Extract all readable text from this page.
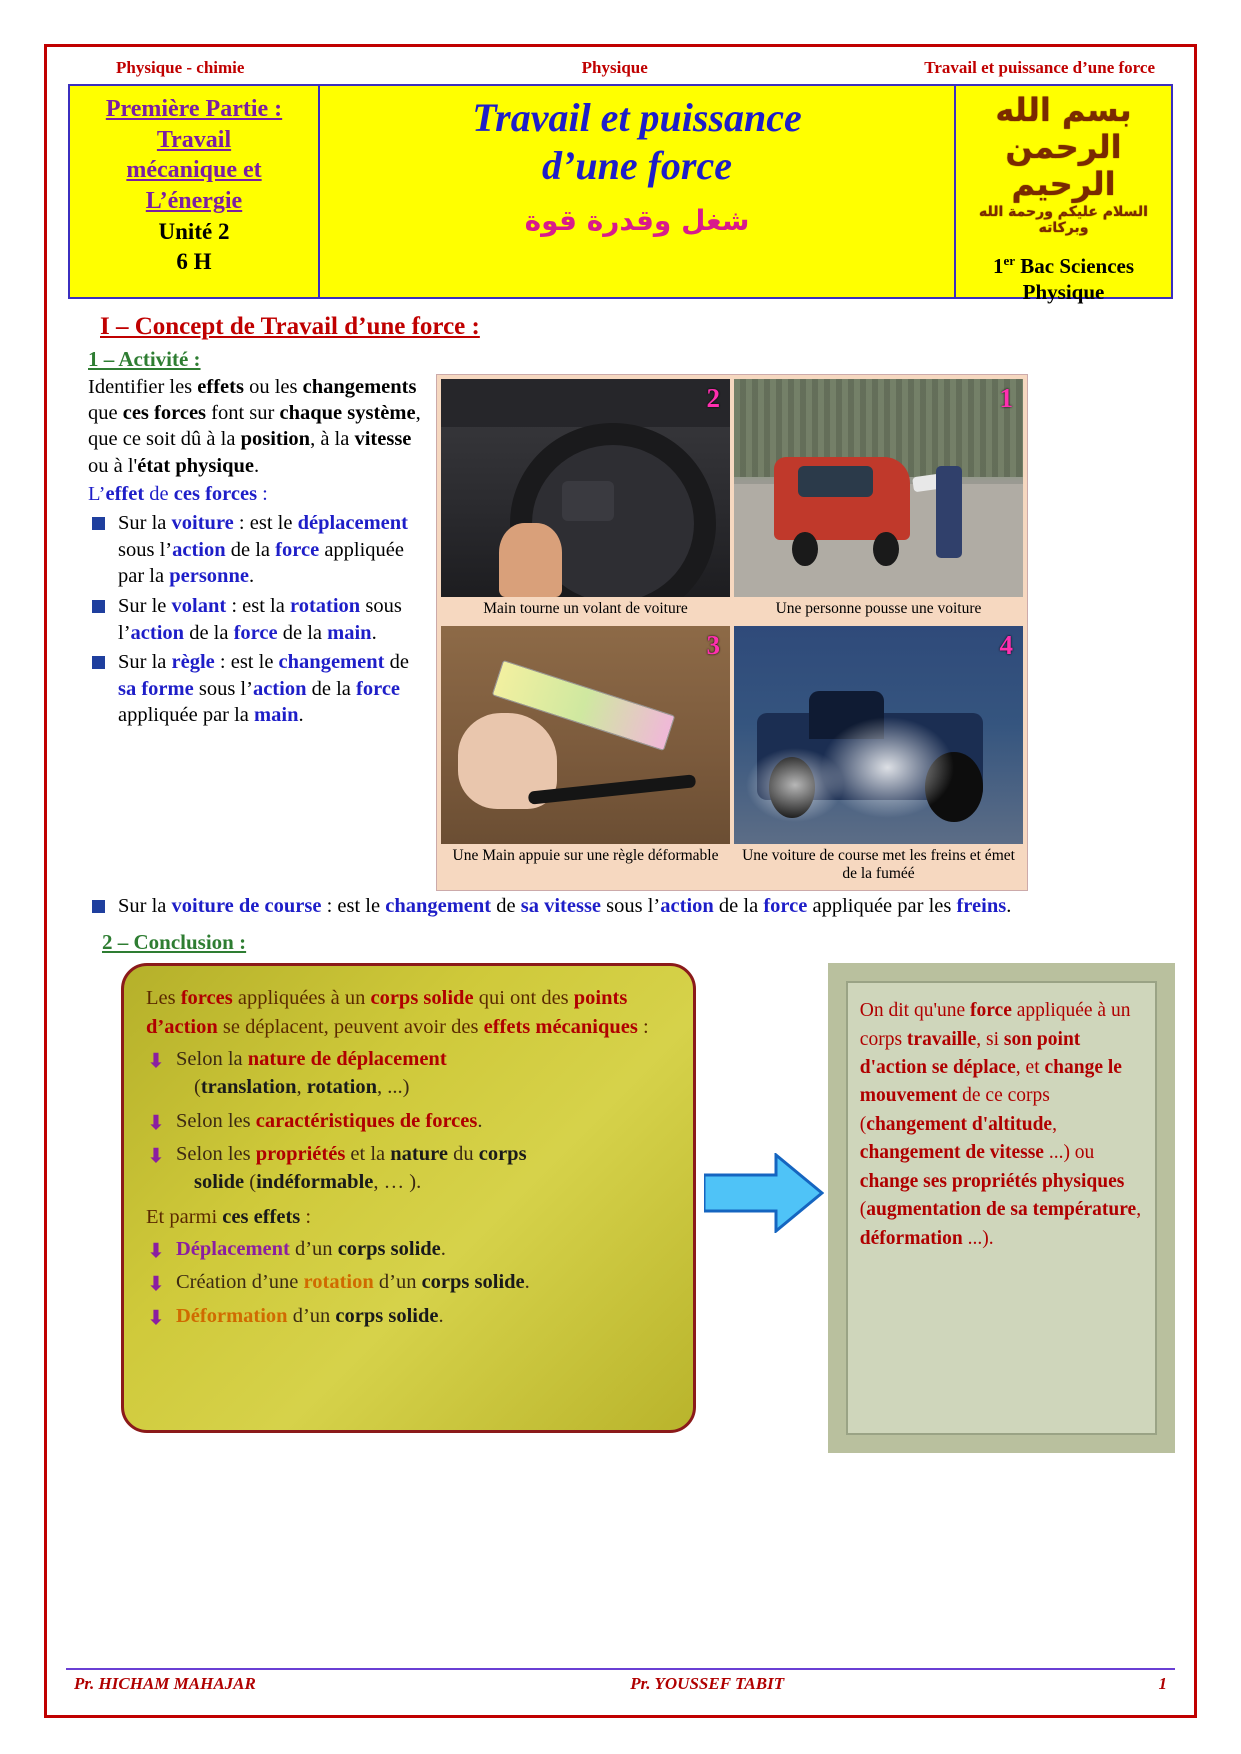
Physique - chimie	Physique	Travail et puissance d’une force
Première Partie :
Travail
mécanique et
L’énergie
Unité 2
6 H
Travail et puissance
d’une force
شغل وقدرة قوة
بسم الله الرحمن الرحيم
السلام عليكم ورحمة الله وبركاته
1er Bac Sciences
Physique
I – Concept de Travail d’une force :
1 – Activité :
Identifier les effets ou les changements que ces forces font sur chaque système, que ce soit dû à la position, à la vitesse ou à l'état physique.
L’effet de ces forces :
Sur la voiture : est le déplacement sous l’action de la force appliquée par la personne.
Sur le volant : est la rotation sous l’action de la force de la main.
Sur la règle : est le changement de sa forme sous l’action de la force appliquée par la main.
2
Main tourne un volant de voiture
1
Une personne pousse une voiture
3
Une Main appuie sur une règle déformable
4
Une voiture de course met les freins et émet de la fuméé
Sur la voiture de course : est le changement de sa vitesse sous l’action de la force appliquée par les freins.
2 – Conclusion :
Les forces appliquées à un corps solide qui ont des points d’action se déplacent, peuvent avoir des effets mécaniques :
⬇ Selon la nature de déplacement
(translation, rotation, ...)
⬇ Selon les caractéristiques de forces.
⬇ Selon les propriétés et la nature du corps
solide (indéformable, … ).
Et parmi ces effets :
⬇ Déplacement d’un corps solide.
⬇ Création d’une rotation d’un corps solide.
⬇ Déformation d’un corps solide.
On dit qu'une force appliquée à un corps travaille, si son point d'action se déplace, et change le mouvement de ce corps (changement d'altitude, changement de vitesse ...) ou change ses propriétés physiques (augmentation de sa température, déformation ...).
Pr. HICHAM MAHAJAR	Pr. YOUSSEF TABIT	1
